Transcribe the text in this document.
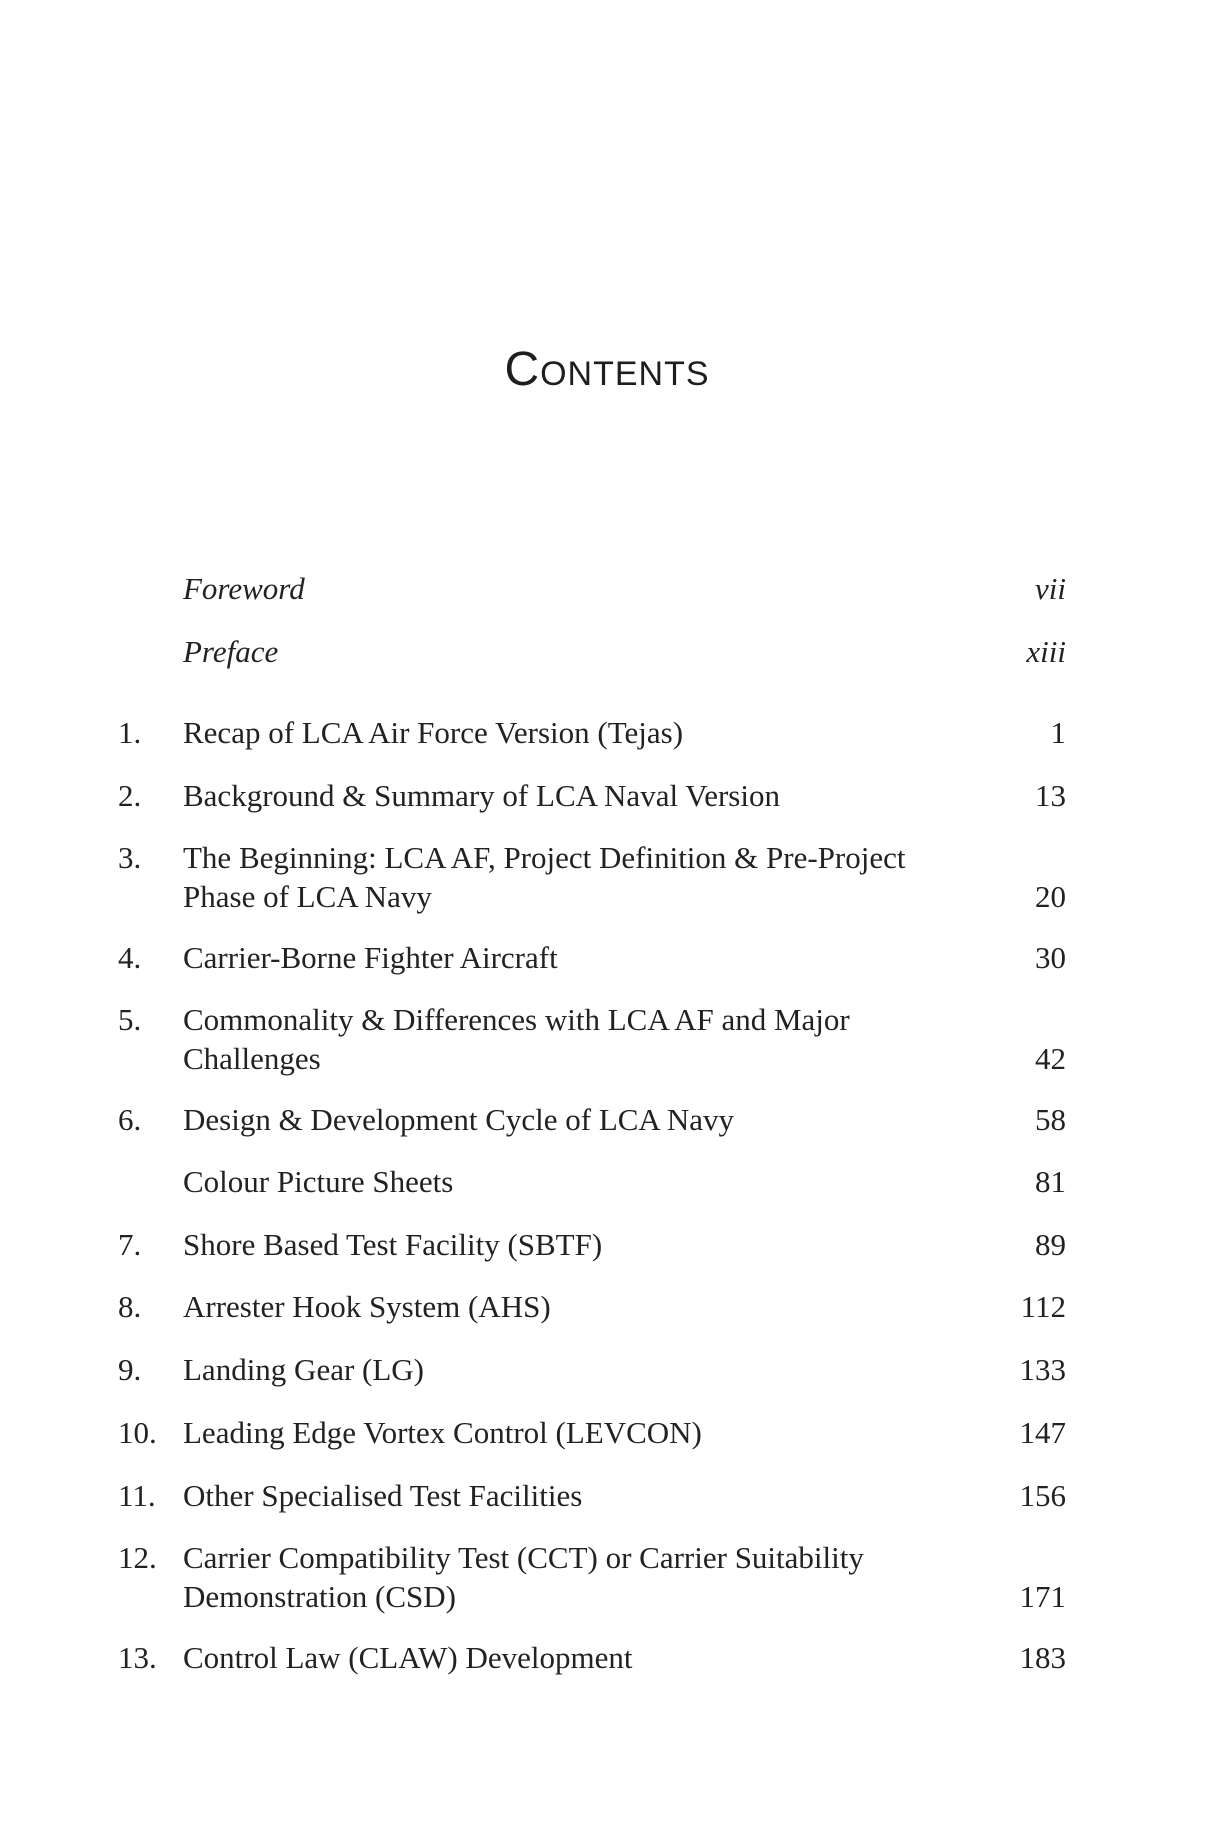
Contents
Foreword	vii
Preface	xiii
1.	Recap of LCA Air Force Version (Tejas)	1
2.	Background & Summary of LCA Naval Version	13
3.	The Beginning: LCA AF, Project Definition & Pre-Project
Phase of LCA Navy	20
4.	Carrier-Borne Fighter Aircraft	30
5.	Commonality & Differences with LCA AF and Major
Challenges	42
6.	Design & Development Cycle of LCA Navy	58
Colour Picture Sheets	81
7.	Shore Based Test Facility (SBTF)	89
8.	Arrester Hook System (AHS)	112
9.	Landing Gear (LG)	133
10. Leading Edge Vortex Control (LEVCON)	147
11. Other Specialised Test Facilities	156
12. Carrier Compatibility Test (CCT) or Carrier Suitability
Demonstration (CSD)	171
13. Control Law (CLAW) Development	183
